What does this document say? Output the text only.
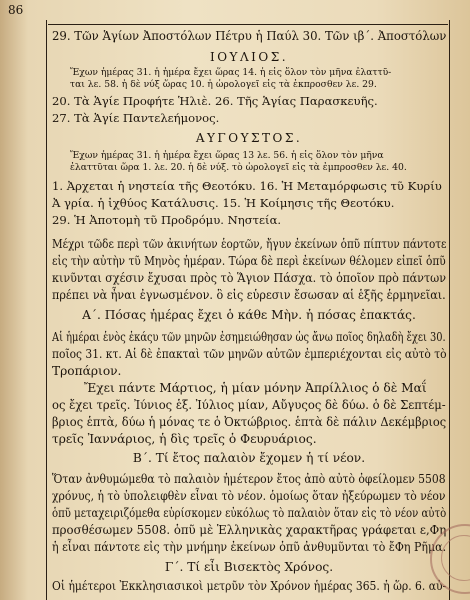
86
29. Τῶν Ἁγίων Ἀποστόλων Πέτρυ ἡ Παύλ 30. Τῶν ιβ´. Ἀποστόλων
ΙΟΥΛΙΟΣ.
Ἔχων ἡμέρας 31. ἡ ἡμέρα ἔχει ὥρας 14. ἡ εἰς ὅλον τὸν μῆνα ἐλαττῦ-
ται λε. 58. ἡ δὲ νύξ ὥρας 10. ἡ ὡρολογεῖ εἰς τὰ ἐκπροσθεν λε. 29.
20. Τὰ Ἁγίε Προφήτε Ἡλιὲ. 26. Τῆς Ἁγίας Παρασκευῆς.
27. Τὰ Ἁγίε Παντελεήμονος.
ΑΥΓΟΥΣΤΟΣ.
Ἔχων ἡμέρας 31. ἡ ἡμέρα ἔχει ὥρας 13 λε. 56. ἡ εἰς ὅλον τὸν μῆνα
ἐλαττῦται ὥρα 1. λε. 20. ἡ δὲ νύξ. τὸ ὡρολογεῖ εἰς τὰ ἐμπροσθεν λε. 40.
1. Ἀρχεται ἡ νηστεία τῆς Θεοτόκυ. 16. Ἡ Μεταμόρφωσις τῦ Κυρίυ
Ἀ γρία. ἡ ἰχθύος Κατάλυσις. 15. Ἡ Κοίμησις τῆς Θεοτόκυ.
29. Ἡ Ἀποτομὴ τῦ Προδρόμυ. Νηστεία.
Μέχρι τῶδε περὶ τῶν ἀκινήτων ἑορτῶν, ἤγυν ἐκείνων ὁπῦ πίπτυν πάντοτε
εἰς τὴν αὐτὴν τῦ Μηνὸς ἡμέραν. Τώρα δὲ περὶ ἐκείνων θέλομεν εἰπεῖ ὁπῦ
κινῦνται σχέσιν ἔχυσαι πρὸς τὸ Ἅγιον Πάσχα. τὸ ὁποῖον πρὸ πάντων
πρέπει νὰ ἦναι ἐγνωσμένον. ὃ εἰς εὑρεσιν ἔσωσαν αἱ ἑξῆς ἑρμηνεῖαι.
Α´. Πόσας ἡμέρας ἔχει ὁ κάθε Μὴν. ἡ πόσας ἐπακτάς.
Αἱ ἡμέραι ἑνὸς ἑκάςυ τῶν μηνῶν ἐσημειώθησαν ὡς ἄνω ποῖος δηλαδὴ ἔχει 30.
ποῖος 31. κτ. Αἱ δὲ ἐπακταὶ τῶν μηνῶν αὐτῶν ἐμπεριέχονται εἰς αὐτὸ τὸ
Τροπάριον.
Ἔχει πάντε Μάρτιος, ἡ μίαν μόνην Ἀπρίλλιος ὁ δὲ Μαΐ
ος ἔχει τρεῖς. Ἰύνιος ἑξ. Ἰύλιος μίαν, Αὔγυςος δὲ δύω. ὁ δὲ Σεπτέμ-
βριος ἑπτὰ, δύω ἡ μόνας τε ὁ Ὀκτώβριος. ἑπτὰ δὲ πάλιν Δεκέμβριος
τρεῖς Ἰαννάριος, ἡ δὶς τρεῖς ὁ Φευρυάριος.
Β´. Τί ἔτος παλαιὸν ἔχομεν ἡ τί νέον.
Ὅταν ἀνθυμώμεθα τὸ παλαιὸν ἡμέτερον ἔτος ἀπὸ αὐτὸ ὀφείλομεν 5508
χρόνυς, ἡ τὸ ὑπολειφθὲν εἶναι τὸ νέον. ὁμοίως ὅταν ἠξεύρωμεν τὸ νέον
ὁπῦ μεταχειριζόμεθα εὑρίσκομεν εὐκόλως τὸ παλαιὸν ὅταν εἰς τὸ νέον αὐτὸ
προσθέσωμεν 5508. ὁπῦ μὲ Ἑλληνικὰς χαρακτῆρας γράφεται ε,Φη
ἡ εἶναι πάντοτε εἰς τὴν μνήμην ἐκείνων ὁπῦ ἀνθυμῦνται τὸ ἔΦη Ρῆμα.
Γ´. Τί εἶι Βισεκτὸς Χρόνος.
Οἱ ἡμέτεροι Ἐκκλησιασικοὶ μετρῦν τὸν Χρόνον ἡμέρας 365. ἡ ὥρ. 6. αὐ-
